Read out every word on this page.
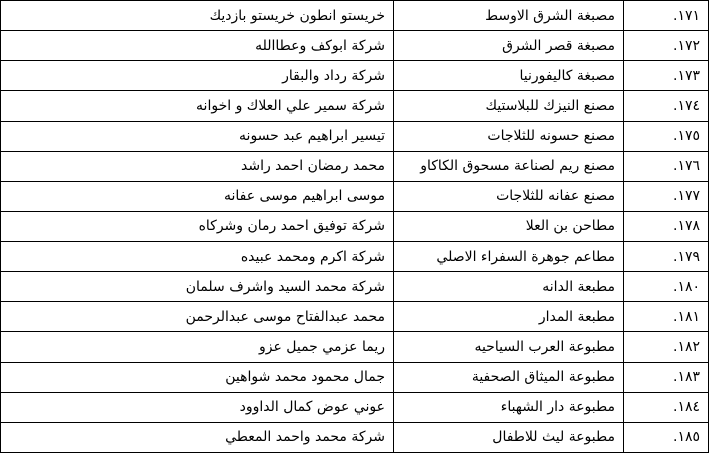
١٧١.	مصبغة الشرق الاوسط	خريستو انطون خريستو بازديك
١٧٢.	مصبغة قصر الشرق	شركة ابوكف وعطاالله
١٧٣.	مصبغة كاليفورنيا	شركة رداد والبقار
١٧٤.	مصنع النيزك للبلاستيك	شركة سمير علي العلاك و اخوانه
١٧٥.	مصنع حسونه للثلاجات	تيسير ابراهيم عبد حسونه
١٧٦.	مصنع ريم لصناعة مسحوق الكاكاو	محمد رمضان احمد راشد
١٧٧.	مصنع عفانه للثلاجات	موسى ابراهيم موسى عفانه
١٧٨.	مطاحن بن العلا	شركة توفيق احمد رمان وشركاه
١٧٩.	مطاعم جوهرة السفراء الاصلي	شركة اكرم ومحمد عبيده
١٨٠.	مطبعة الدانه	شركة محمد السيد واشرف سلمان
١٨١.	مطبعة المدار	محمد عبدالفتاح موسى عبدالرحمن
١٨٢.	مطبوعة العرب السياحيه	ريما عزمي جميل عزو
١٨٣.	مطبوعة الميثاق الصحفية	جمال محمود محمد شواهين
١٨٤.	مطبوعة دار الشهباء	عوني عوض كمال الداوود
١٨٥.	مطبوعة ليث للاطفال	شركة محمد واحمد المعطي
